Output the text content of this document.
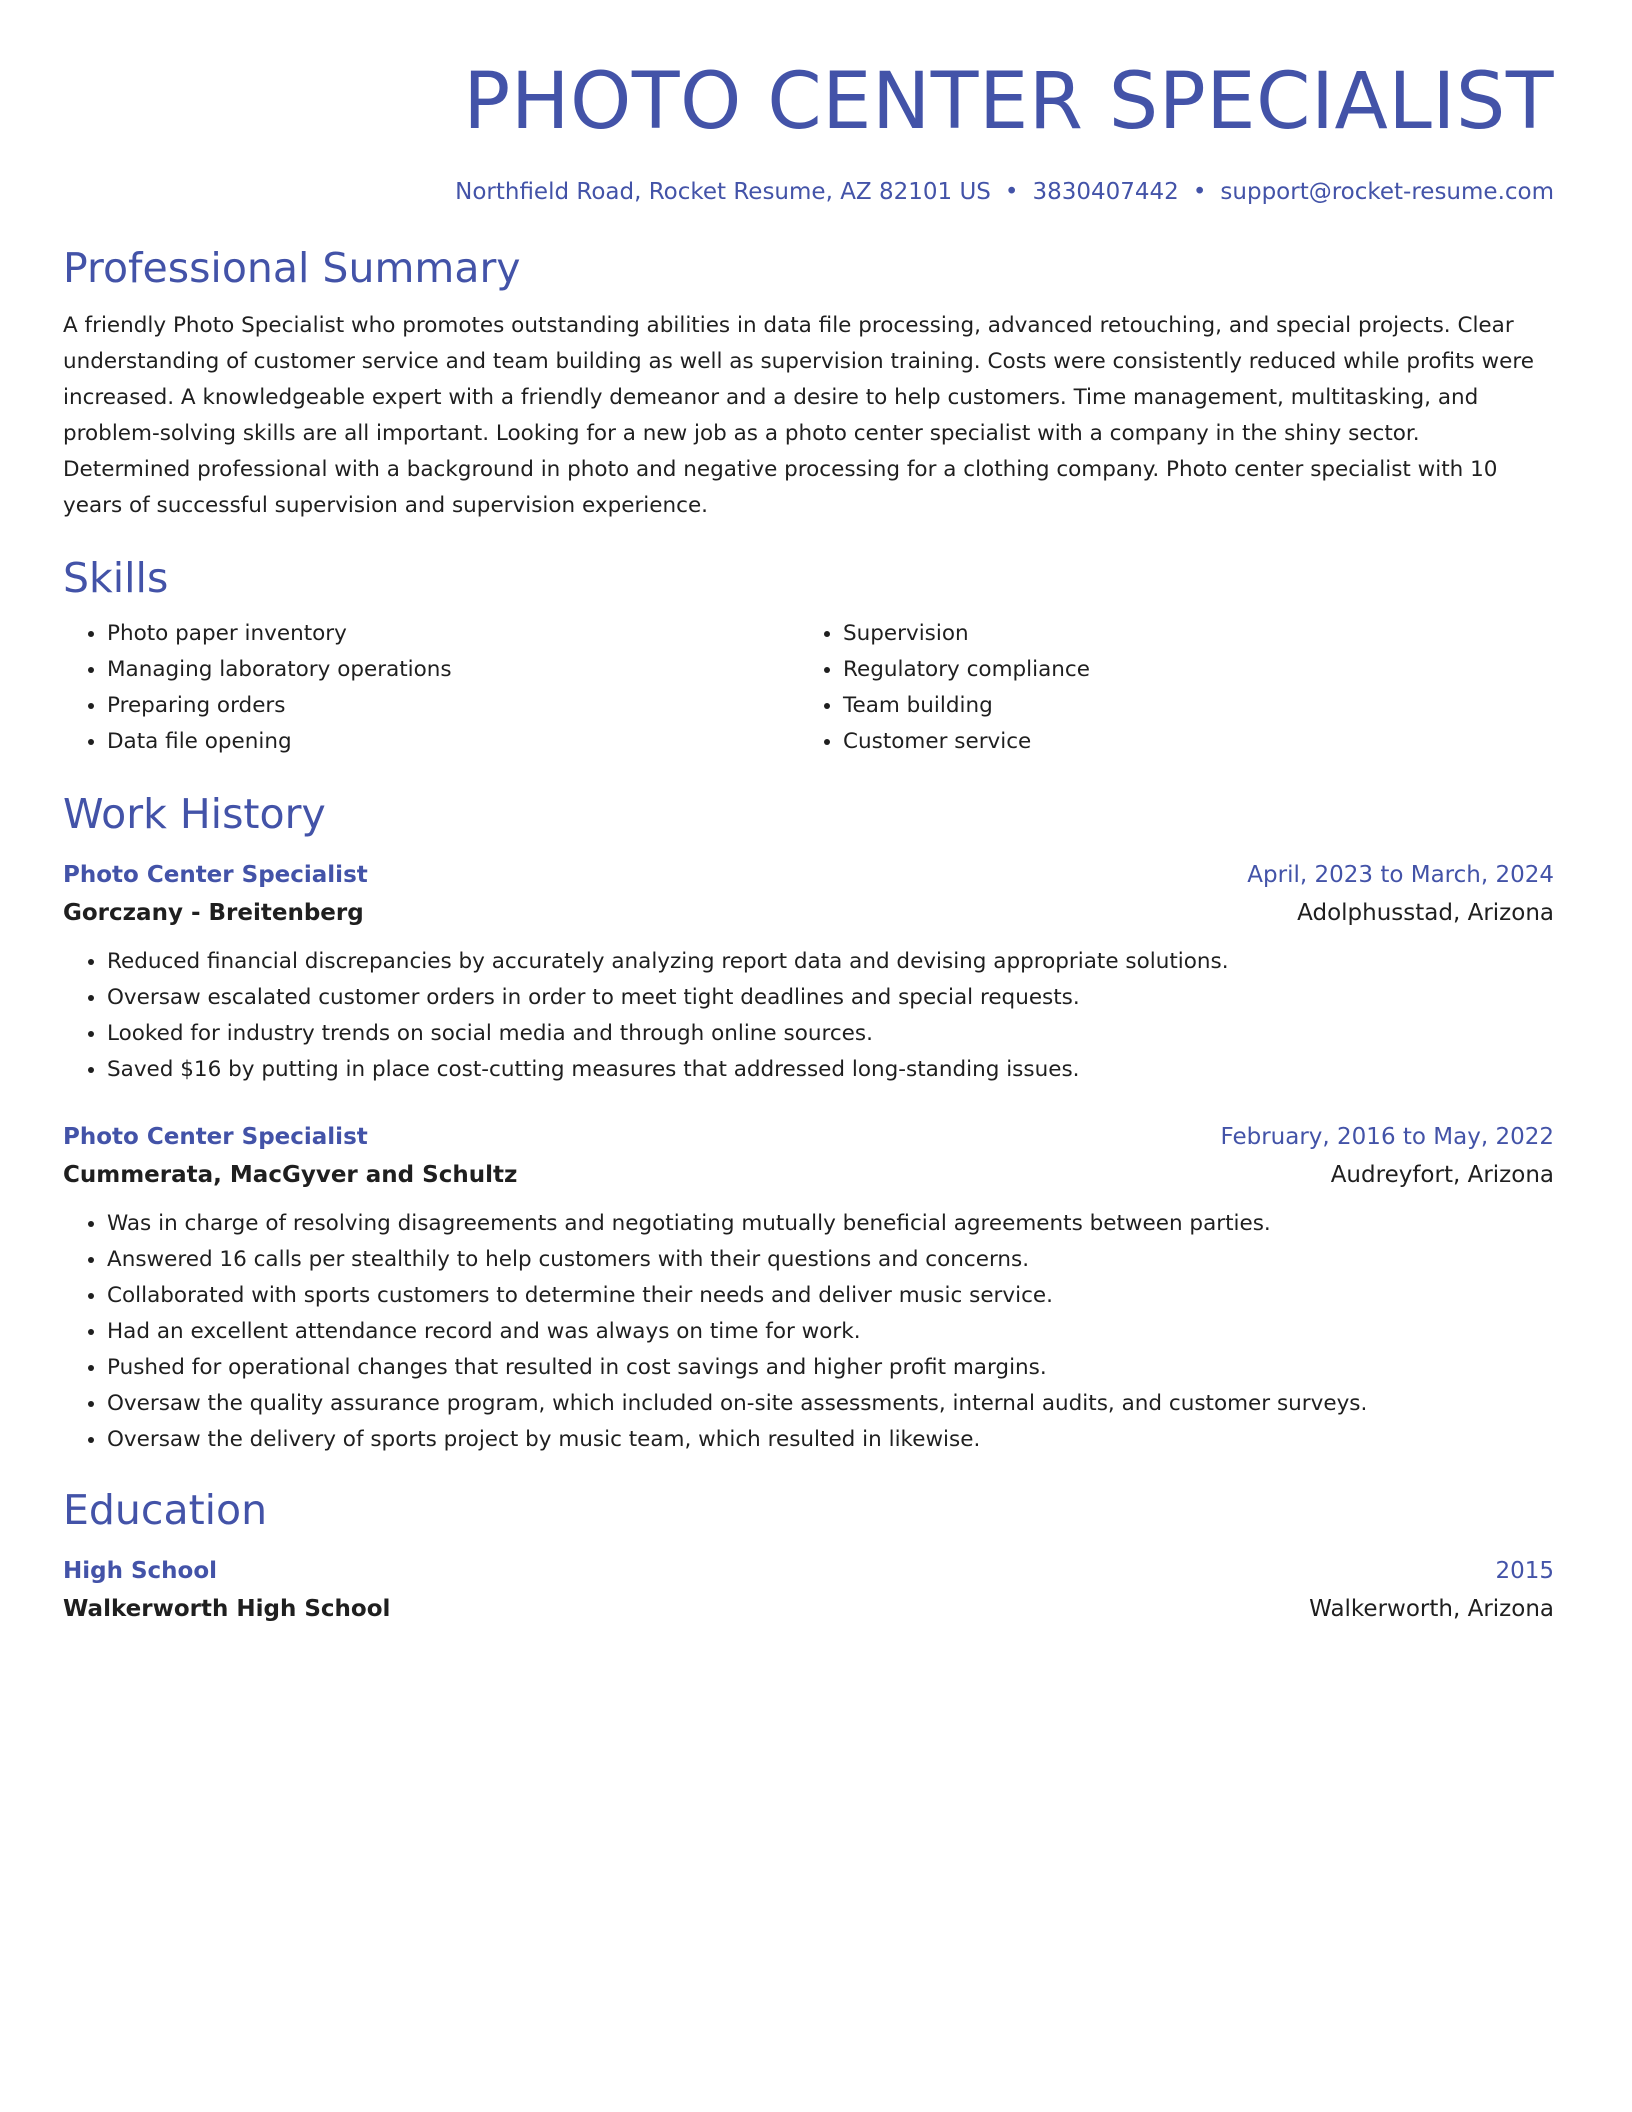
PHOTO CENTER SPECIALIST
Northfield Road, Rocket Resume, AZ 82101 US • 3830407442 • support@rocket-resume.com
Professional Summary

A friendly Photo Specialist who promotes outstanding abilities in data file processing, advanced retouching, and special projects. Clear understanding of customer service and team building as well as supervision training. Costs were consistently reduced while profits were increased. A knowledgeable expert with a friendly demeanor and a desire to help customers. Time management, multitasking, and problem-solving skills are all important. Looking for a new job as a photo center specialist with a company in the shiny sector. Determined professional with a background in photo and negative processing for a clothing company. Photo center specialist with 10 years of successful supervision and supervision experience.

Skills
• Photo paper inventory
• Managing laboratory operations
• Preparing orders
• Data file opening
• Supervision
• Regulatory compliance
• Team building
• Customer service
Work History
Photo Center Specialist	April, 2023 to March, 2024
Gorczany - Breitenberg	Adolphusstad, Arizona
• Reduced financial discrepancies by accurately analyzing report data and devising appropriate solutions.
• Oversaw escalated customer orders in order to meet tight deadlines and special requests.
• Looked for industry trends on social media and through online sources.
• Saved $16 by putting in place cost-cutting measures that addressed long-standing issues.
Photo Center Specialist	February, 2016 to May, 2022
Cummerata, MacGyver and Schultz	Audreyfort, Arizona
• Was in charge of resolving disagreements and negotiating mutually beneficial agreements between parties.
• Answered 16 calls per stealthily to help customers with their questions and concerns.
• Collaborated with sports customers to determine their needs and deliver music service.
• Had an excellent attendance record and was always on time for work.
• Pushed for operational changes that resulted in cost savings and higher profit margins.
• Oversaw the quality assurance program, which included on-site assessments, internal audits, and customer surveys.
• Oversaw the delivery of sports project by music team, which resulted in likewise.
Education
High School	2015
Walkerworth High School	Walkerworth, Arizona
